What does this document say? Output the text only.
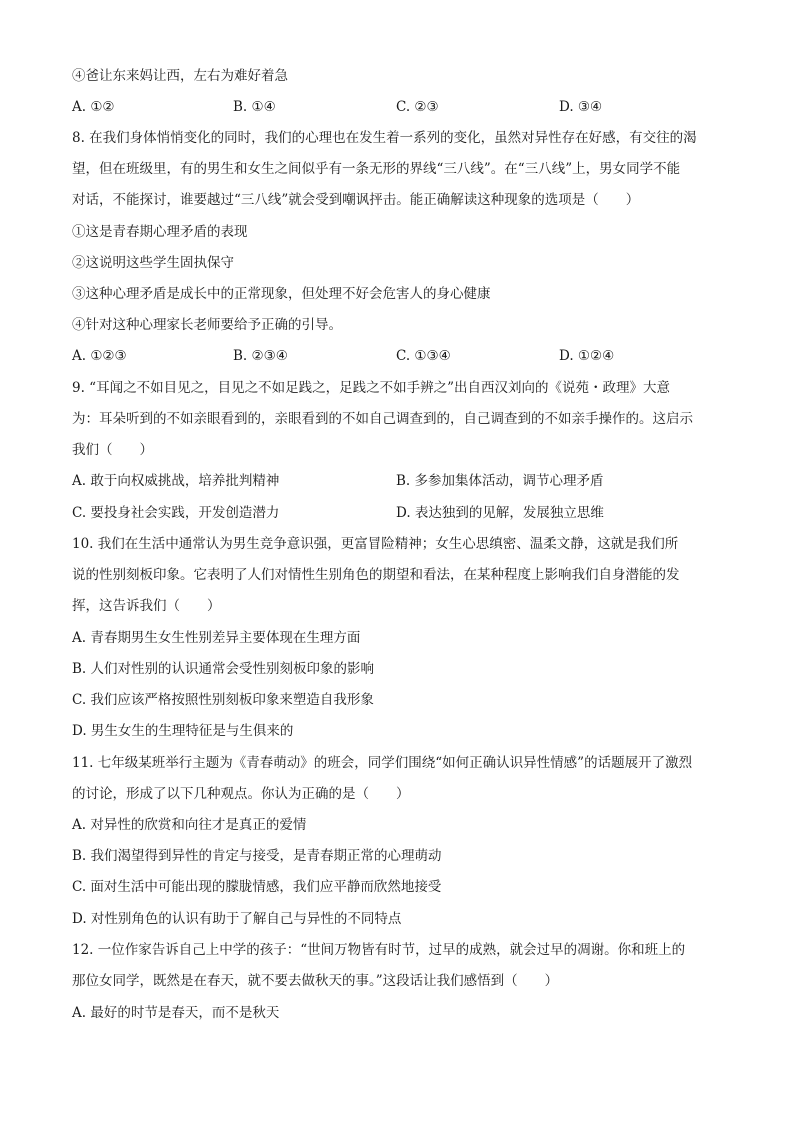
④爸让东来妈让西，左右为难好着急
A. ①②	B. ①④	C. ②③	D. ③④
8. 在我们身体悄悄变化的同时，我们的心理也在发生着一系列的变化，虽然对异性存在好感，有交往的渴
望，但在班级里，有的男生和女生之间似乎有一条无形的界线“三八线”。在“三八线”上，男女同学不能
对话，不能探讨，谁要越过“三八线”就会受到嘲讽抨击。能正确解读这种现象的选项是（　　）
①这是青春期心理矛盾的表现
②这说明这些学生固执保守
③这种心理矛盾是成长中的正常现象，但处理不好会危害人的身心健康
④针对这种心理家长老师要给予正确的引导。
A. ①②③	B. ②③④	C. ①③④	D. ①②④
9. “耳闻之不如目见之，目见之不如足践之，足践之不如手辨之”出自西汉刘向的《说苑・政理》大意
为：耳朵听到的不如亲眼看到的，亲眼看到的不如自己调查到的，自己调查到的不如亲手操作的。这启示
我们（　　）
A. 敢于向权威挑战，培养批判精神	B. 多参加集体活动，调节心理矛盾
C. 要投身社会实践，开发创造潜力	D. 表达独到的见解，发展独立思维
10. 我们在生活中通常认为男生竞争意识强，更富冒险精神；女生心思缜密、温柔文静，这就是我们所
说的性别刻板印象。它表明了人们对情性生别角色的期望和看法，在某种程度上影响我们自身潜能的发
挥，这告诉我们（　　）
A. 青春期男生女生性别差异主要体现在生理方面
B. 人们对性别的认识通常会受性别刻板印象的影响
C. 我们应该严格按照性别刻板印象来塑造自我形象
D. 男生女生的生理特征是与生俱来的
11. 七年级某班举行主题为《青春萌动》的班会，同学们围绕“如何正确认识异性情感”的话题展开了激烈
的讨论，形成了以下几种观点。你认为正确的是（　　）
A. 对异性的欣赏和向往才是真正的爱情
B. 我们渴望得到异性的肯定与接受，是青春期正常的心理萌动
C. 面对生活中可能出现的朦胧情感，我们应平静而欣然地接受
D. 对性别角色的认识有助于了解自己与异性的不同特点
12. 一位作家告诉自己上中学的孩子：“世间万物皆有时节，过早的成熟，就会过早的凋谢。你和班上的
那位女同学，既然是在春天，就不要去做秋天的事。”这段话让我们感悟到（　　）
A. 最好的时节是春天，而不是秋天
